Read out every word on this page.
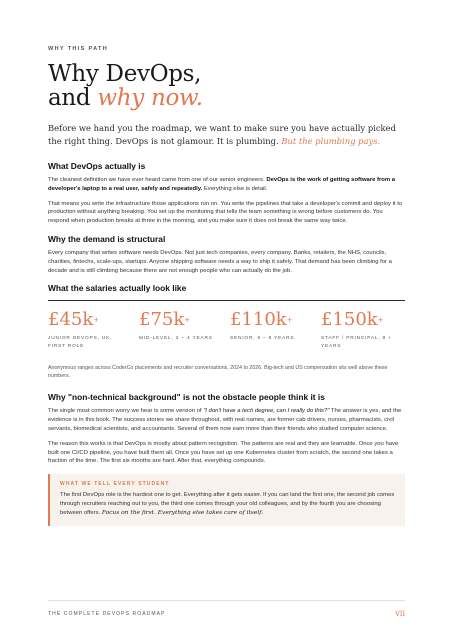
WHY THIS PATH
Why DevOps,
and why now.

Before we hand you the roadmap, we want to make sure you have actually picked the right thing. DevOps is not glamour. It is plumbing. But the plumbing pays.

What DevOps actually is

The cleanest definition we have ever heard came from one of our senior engineers. DevOps is the work of getting software from a developer's laptop to a real user, safely and repeatedly. Everything else is detail.

That means you write the infrastructure those applications run on. You write the pipelines that take a developer's commit and deploy it to production without anything breaking. You set up the monitoring that tells the team something is wrong before customers do. You respond when production breaks at three in the morning, and you make sure it does not break the same way twice.

Why the demand is structural

Every company that writes software needs DevOps. Not just tech companies, every company. Banks, retailers, the NHS, councils, charities, fintechs, scale-ups, startups. Anyone shipping software needs a way to ship it safely. That demand has been climbing for a decade and is still climbing because there are not enough people who can actually do the job.

What the salaries actually look like
£45k+
JUNIOR DEVOPS, UK, FIRST ROLE
£75k+
MID-LEVEL, 2 – 4 YEARS
£110k+
SENIOR, 5 – 8 YEARS
£150k+
STAFF / PRINCIPAL, 8 + YEARS

Anonymous ranges across CoderCo placements and recruiter conversations, 2024 to 2026. Big-tech and US compensation sits well above these numbers.

Why "non-technical background" is not the obstacle people think it is

The single most common worry we hear is some version of "I don't have a tech degree, can I really do this?" The answer is yes, and the evidence is in this book. The success stories we share throughout, with real names, are former cab drivers, nurses, pharmacists, civil servants, biomedical scientists, and accountants. Several of them now earn more than their friends who studied computer science.

The reason this works is that DevOps is mostly about pattern recognition. The patterns are real and they are learnable. Once you have built one CI/CD pipeline, you have built them all. Once you have set up one Kubernetes cluster from scratch, the second one takes a fraction of the time. The first six months are hard. After that, everything compounds.

WHAT WE TELL EVERY STUDENT

The first DevOps role is the hardest one to get. Everything after it gets easier. If you can land the first one, the second job comes through recruiters reaching out to you, the third one comes through your old colleagues, and by the fourth you are choosing between offers. Focus on the first. Everything else takes care of itself.

THE COMPLETE DEVOPS ROADMAP	vii
